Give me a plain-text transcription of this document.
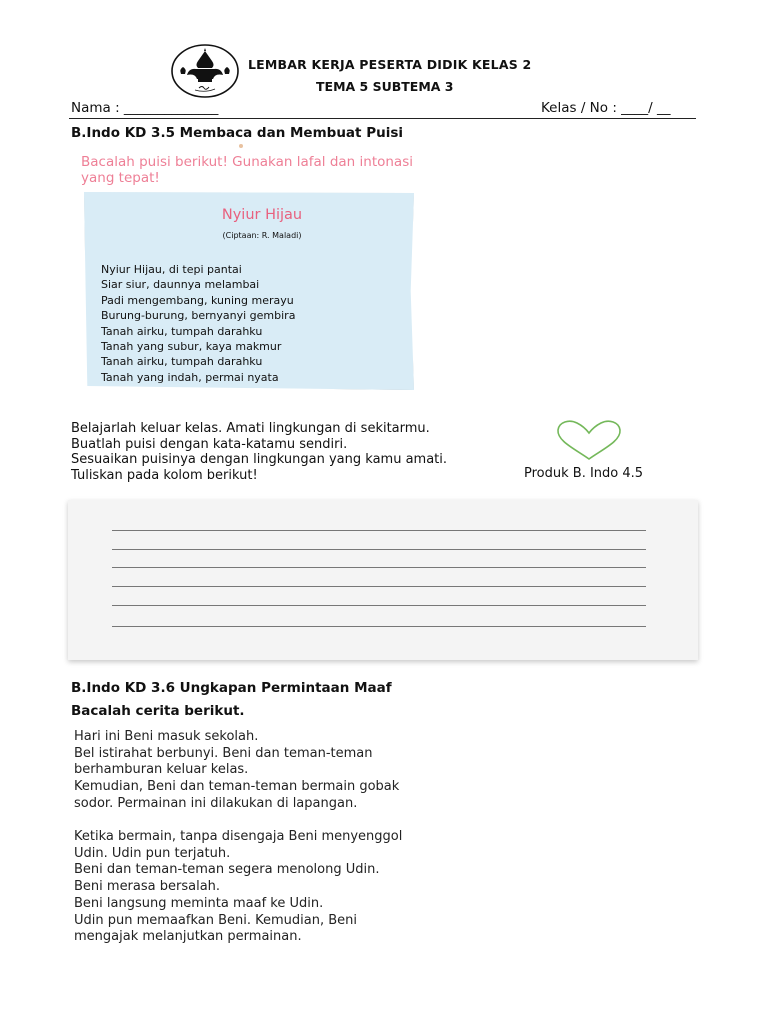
LEMBAR KERJA PESERTA DIDIK KELAS 2
TEMA 5 SUBTEMA 3
Nama : ______________	Kelas / No : ____/ __
B.Indo KD 3.5 Membaca dan Membuat Puisi
Bacalah puisi berikut! Gunakan lafal dan intonasi
yang tepat!
Nyiur Hijau
(Ciptaan: R. Maladi)
Nyiur Hijau, di tepi pantai
Siar siur, daunnya melambai
Padi mengembang, kuning merayu
Burung-burung, bernyanyi gembira
Tanah airku, tumpah darahku
Tanah yang subur, kaya makmur
Tanah airku, tumpah darahku
Tanah yang indah, permai nyata
Belajarlah keluar kelas. Amati lingkungan di sekitarmu.
Buatlah puisi dengan kata-katamu sendiri.
Sesuaikan puisinya dengan lingkungan yang kamu amati.
Tuliskan pada kolom berikut!	Produk B. Indo 4.5
B.Indo KD 3.6 Ungkapan Permintaan Maaf
Bacalah cerita berikut.
Hari ini Beni masuk sekolah.
Bel istirahat berbunyi. Beni dan teman-teman
berhamburan keluar kelas.
Kemudian, Beni dan teman-teman bermain gobak
sodor. Permainan ini dilakukan di lapangan.
Ketika bermain, tanpa disengaja Beni menyenggol
Udin. Udin pun terjatuh.
Beni dan teman-teman segera menolong Udin.
Beni merasa bersalah.
Beni langsung meminta maaf ke Udin.
Udin pun memaafkan Beni. Kemudian, Beni
mengajak melanjutkan permainan.
